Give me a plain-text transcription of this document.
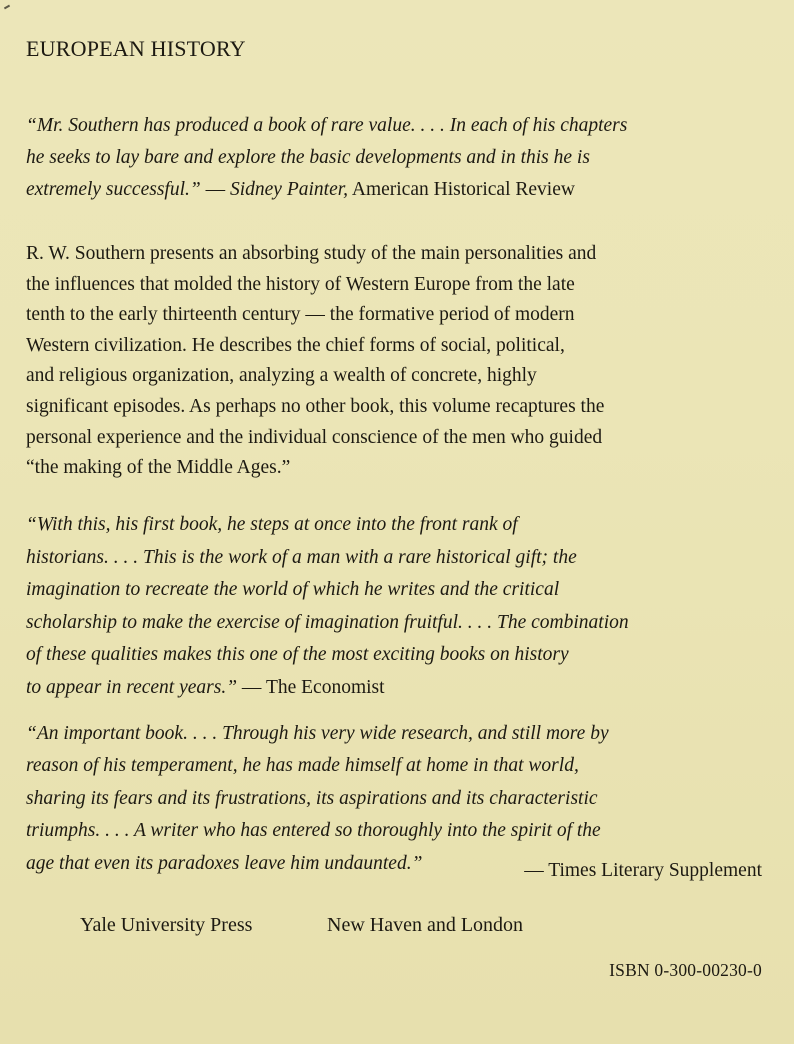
EUROPEAN HISTORY

“Mr. Southern has produced a book of rare value. . . . In each of his chapters
he seeks to lay bare and explore the basic developments and in this he is
extremely successful.” — Sidney Painter, American Historical Review

R. W. Southern presents an absorbing study of the main personalities and
the influences that molded the history of Western Europe from the late
tenth to the early thirteenth century — the formative period of modern
Western civilization. He describes the chief forms of social, political,
and religious organization, analyzing a wealth of concrete, highly
significant episodes. As perhaps no other book, this volume recaptures the
personal experience and the individual conscience of the men who guided
“the making of the Middle Ages.”

“With this, his first book, he steps at once into the front rank of
historians. . . . This is the work of a man with a rare historical gift; the
imagination to recreate the world of which he writes and the critical
scholarship to make the exercise of imagination fruitful. . . . The combination
of these qualities makes this one of the most exciting books on history
to appear in recent years.” — The Economist

“An important book. . . . Through his very wide research, and still more by
reason of his temperament, he has made himself at home in that world,
sharing its fears and its frustrations, its aspirations and its characteristic
triumphs. . . . A writer who has entered so thoroughly into the spirit of the
age that even its paradoxes leave him undaunted.”	— Times Literary Supplement

Yale University Press	New Haven and London

ISBN 0-300-00230-0
